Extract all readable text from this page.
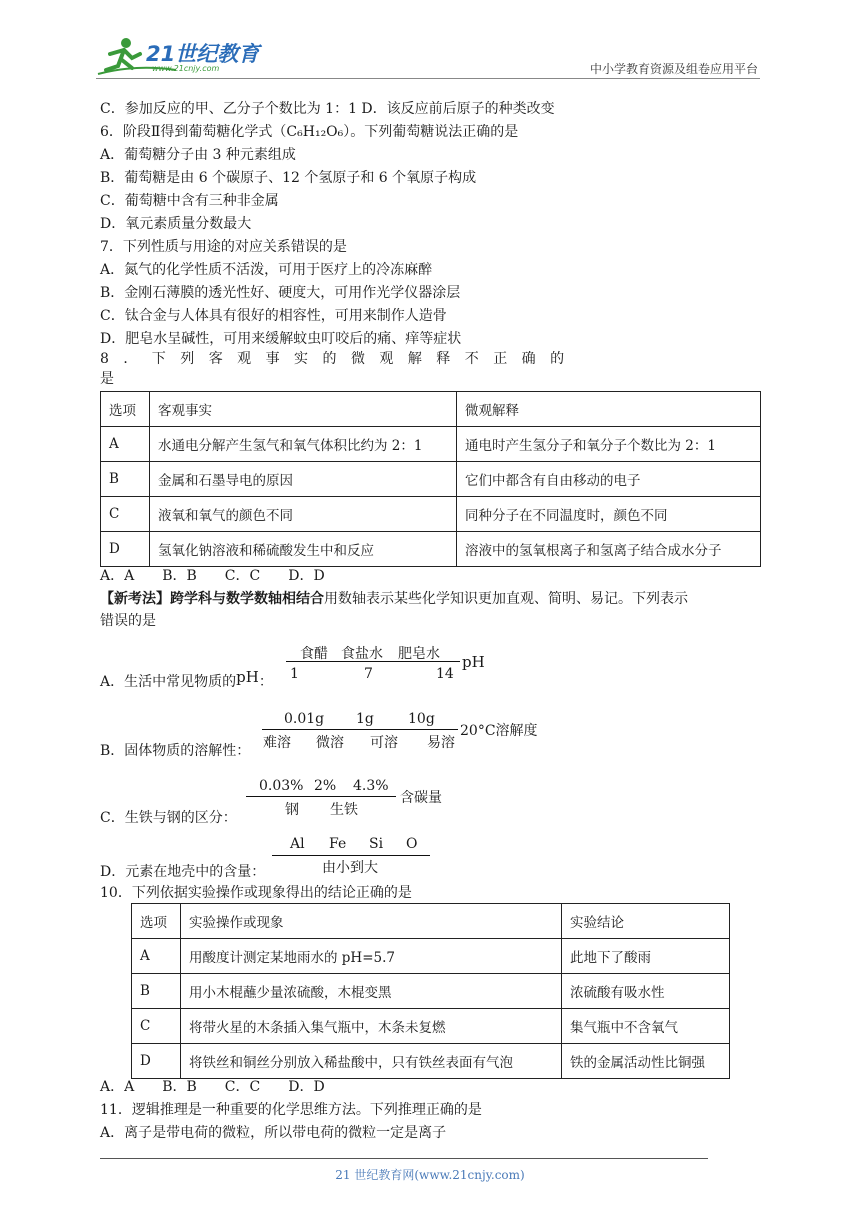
21世纪教育
www.21cnjy.com	中小学教育资源及组卷应用平台
C．参加反应的甲、乙分子个数比为 1：1 D．该反应前后原子的种类改变
6．阶段Ⅱ得到葡萄糖化学式（C₆H₁₂O₆）。下列葡萄糖说法正确的是
A．葡萄糖分子由 3 种元素组成
B．葡萄糖是由 6 个碳原子、12 个氢原子和 6 个氧原子构成
C．葡萄糖中含有三种非金属
D．氧元素质量分数最大
7．下列性质与用途的对应关系错误的是
A．氮气的化学性质不活泼，可用于医疗上的冷冻麻醉
B．金刚石薄膜的透光性好、硬度大，可用作光学仪器涂层
C．钛合金与人体具有很好的相容性，可用来制作人造骨
D．肥皂水呈碱性，可用来缓解蚊虫叮咬后的痛、痒等症状
8 ． 下 列 客 观 事 实 的 微 观 解 释 不 正 确 的
是
选项	客观事实	微观解释
A	水通电分解产生氢气和氧气体积比约为 2：1	通电时产生氢分子和氧分子个数比为 2：1
B	金属和石墨导电的原因	它们中都含有自由移动的电子
C	液氧和氧气的颜色不同	同种分子在不同温度时，颜色不同
D	氢氧化钠溶液和稀硫酸发生中和反应	溶液中的氢氧根离子和氢离子结合成水分子
A．A　　B．B　　C．C　　D．D
【新考法】跨学科与数学数轴相结合用数轴表示某些化学知识更加直观、简明、易记。下列表示
错误的是
A．生活中常见物质的pH：
食醋 食盐水 肥皂水 pH
1	7	14
B．固体物质的溶解性：
0.01g 1g 10g
20°C溶解度
难溶 微溶 可溶 易溶
C．生铁与钢的区分：
0.03% 2% 4.3%
含碳量
钢 生铁
D．元素在地壳中的含量：
Al Fe Si O
由小到大
10．下列依据实验操作或现象得出的结论正确的是
选项	实验操作或现象	实验结论
A	用酸度计测定某地雨水的 pH=5.7	此地下了酸雨
B	用小木棍蘸少量浓硫酸，木棍变黑	浓硫酸有吸水性
C	将带火星的木条插入集气瓶中，木条未复燃	集气瓶中不含氧气
D	将铁丝和铜丝分别放入稀盐酸中，只有铁丝表面有气泡	铁的金属活动性比铜强
A．A　　B．B　　C．C　　D．D
11．逻辑推理是一种重要的化学思维方法。下列推理正确的是
A．离子是带电荷的微粒，所以带电荷的微粒一定是离子
21 世纪教育网(www.21cnjy.com)
